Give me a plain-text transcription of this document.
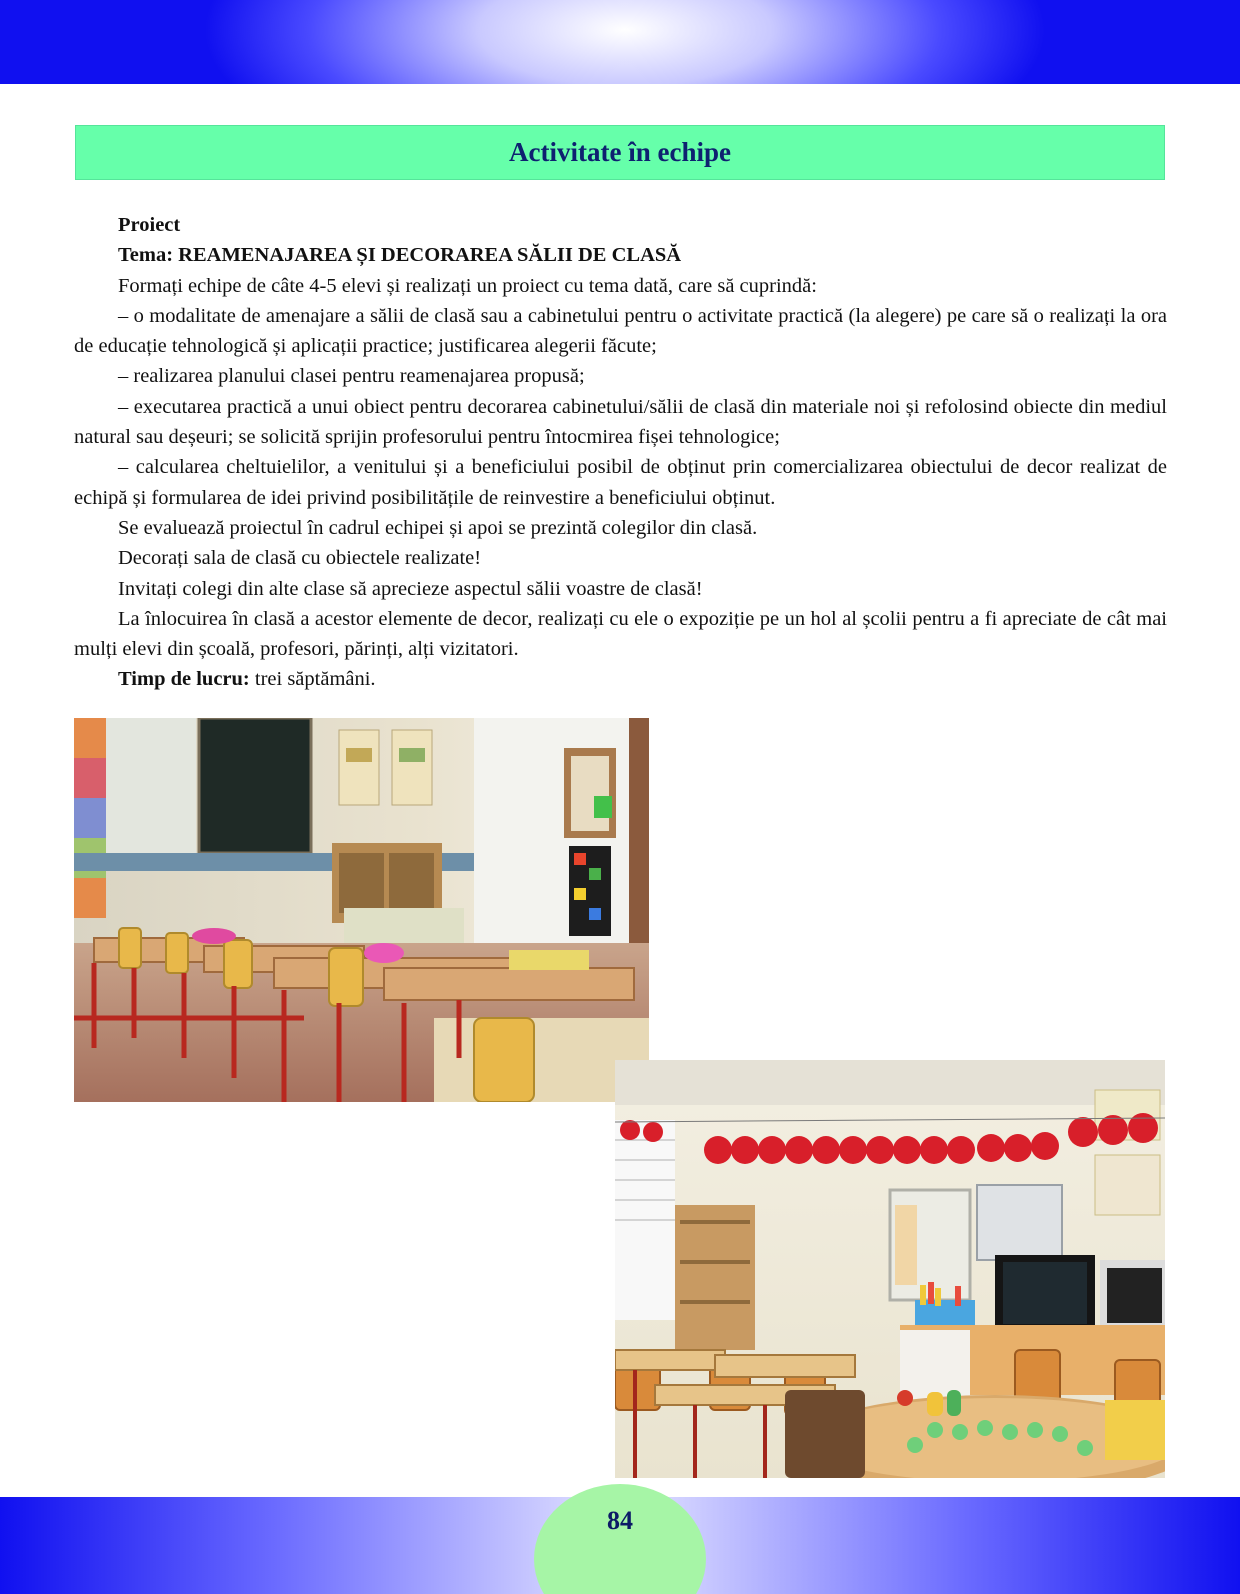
Activitate în echipe

Proiect

Tema: REAMENAJAREA ȘI DECORAREA SĂLII DE CLASĂ

Formați echipe de câte 4-5 elevi și realizați un proiect cu tema dată, care să cuprindă:

– o modalitate de amenajare a sălii de clasă sau a cabinetului pentru o activitate practică (la alegere) pe care să o realizați la ora de educație tehnologică și aplicații practice; justificarea alegerii făcute;

– realizarea planului clasei pentru reamenajarea propusă;

– executarea practică a unui obiect pentru decorarea cabinetului/sălii de clasă din materiale noi și refolosind obiecte din mediul natural sau deșeuri; se solicită sprijin profesorului pentru întocmirea fișei tehnologice;

– calcularea cheltuielilor, a venitului și a beneficiului posibil de obținut prin comercializarea obiectului de decor realizat de echipă și formularea de idei privind posibilitățile de reinvestire a beneficiului obținut.

Se evaluează proiectul în cadrul echipei și apoi se prezintă colegilor din clasă.

Decorați sala de clasă cu obiectele realizate!

Invitați colegi din alte clase să aprecieze aspectul sălii voastre de clasă!

La înlocuirea în clasă a acestor elemente de decor, realizați cu ele o expoziție pe un hol al școlii pentru a fi apreciate de cât mai mulți elevi din școală, profesori, părinți, alți vizitatori.

Timp de lucru: trei săptămâni.

84
